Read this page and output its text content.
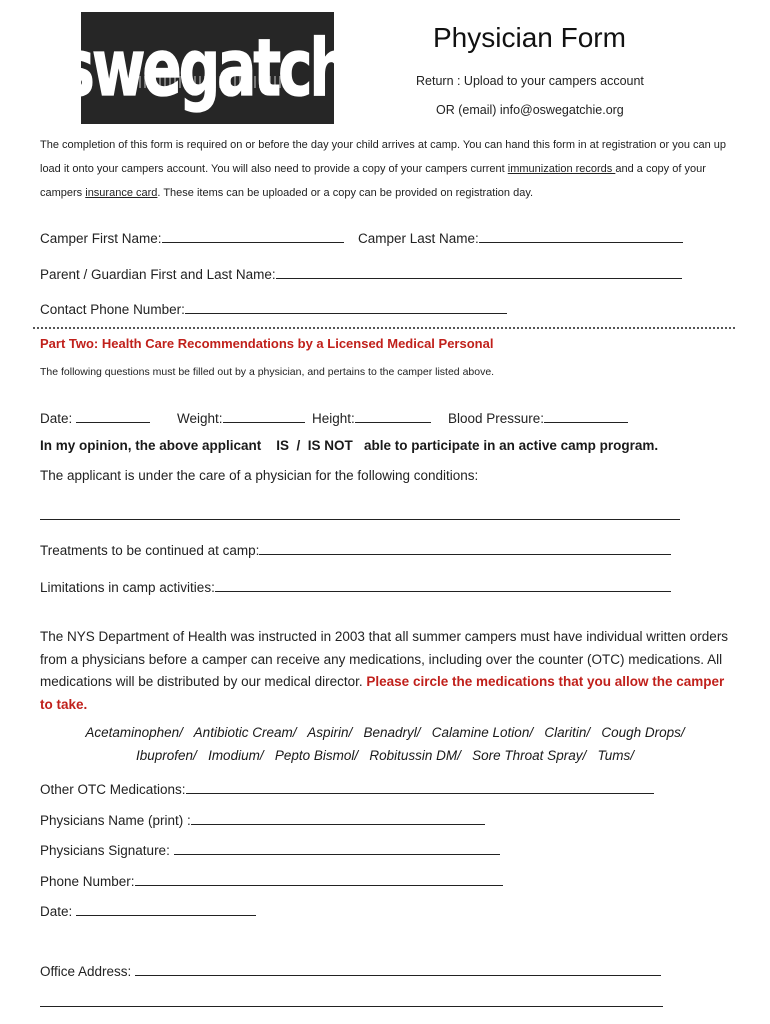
Oswegatchie Physician Form
Return : Upload to your campers account
OR (email) info@oswegatchie.org
The completion of this form is required on or before the day your child arrives at camp. You can hand this form in at registration or you can up load it onto your campers account. You will also need to provide a copy of your campers current immunization records and a copy of your campers insurance card. These items can be uploaded or a copy can be provided on registration day.
Camper First Name:	Camper Last Name:
Parent / Guardian First and Last Name:
Contact Phone Number:
Part Two: Health Care Recommendations by a Licensed Medical Personal
The following questions must be filled out by a physician, and pertains to the camper listed above.
Date:	Weight:	Height:	Blood Pressure:
In my opinion, the above applicant    IS  /  IS NOT   able to participate in an active camp program.
The applicant is under the care of a physician for the following conditions:
Treatments to be continued at camp:
Limitations in camp activities:
The NYS Department of Health was instructed in 2003 that all summer campers must have individual written orders from a physicians before a camper can receive any medications, including over the counter (OTC) medications. All medications will be distributed by our medical director. Please circle the medications that you allow the camper to take.
Acetaminophen/   Antibiotic Cream/   Aspirin/   Benadryl/   Calamine Lotion/   Claritin/   Cough Drops/
Ibuprofen/   Imodium/   Pepto Bismol/   Robitussin DM/   Sore Throat Spray/   Tums/
Other OTC Medications:
Physicians Name (print) :
Physicians Signature:
Phone Number:
Date:
Office Address:
